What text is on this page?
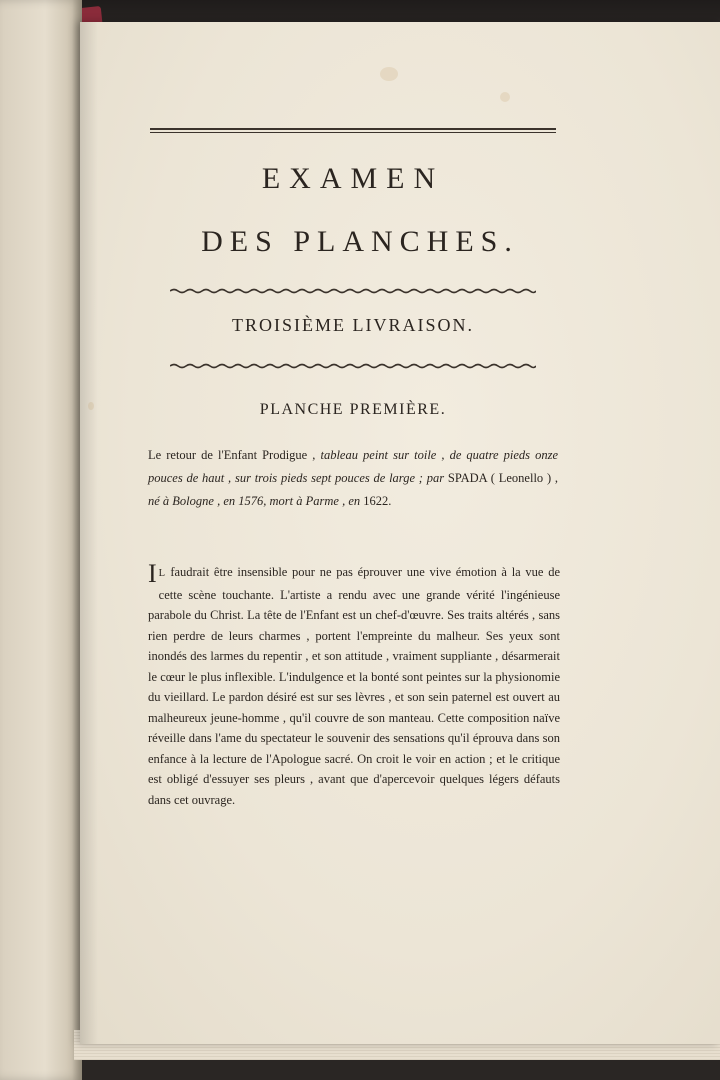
EXAMEN
DES PLANCHES.
TROISIÈME LIVRAISON.
PLANCHE PREMIÈRE.
Le retour de l'Enfant Prodigue , tableau peint sur toile , de quatre pieds onze pouces de haut , sur trois pieds sept pouces de large ; par SPADA ( Leonello ) , né à Bologne , en 1576, mort à Parme , en 1622.
I L faudrait être insensible pour ne pas éprouver une vive émotion à la vue de cette scène touchante. L'artiste a rendu avec une grande vérité l'ingénieuse parabole du Christ. La tête de l'Enfant est un chef-d'œuvre. Ses traits altérés , sans rien perdre de leurs charmes , portent l'empreinte du malheur. Ses yeux sont inondés des larmes du repentir , et son attitude , vraiment suppliante , désarmerait le cœur le plus inflexible. L'indulgence et la bonté sont peintes sur la physionomie du vieillard. Le pardon désiré est sur ses lèvres , et son sein paternel est ouvert au malheureux jeune-homme , qu'il couvre de son manteau. Cette composition naïve réveille dans l'ame du spectateur le souvenir des sensations qu'il éprouva dans son enfance à la lecture de l'Apologue sacré. On croit le voir en action ; et le critique est obligé d'essuyer ses pleurs , avant que d'apercevoir quelques légers défauts dans cet ouvrage.
